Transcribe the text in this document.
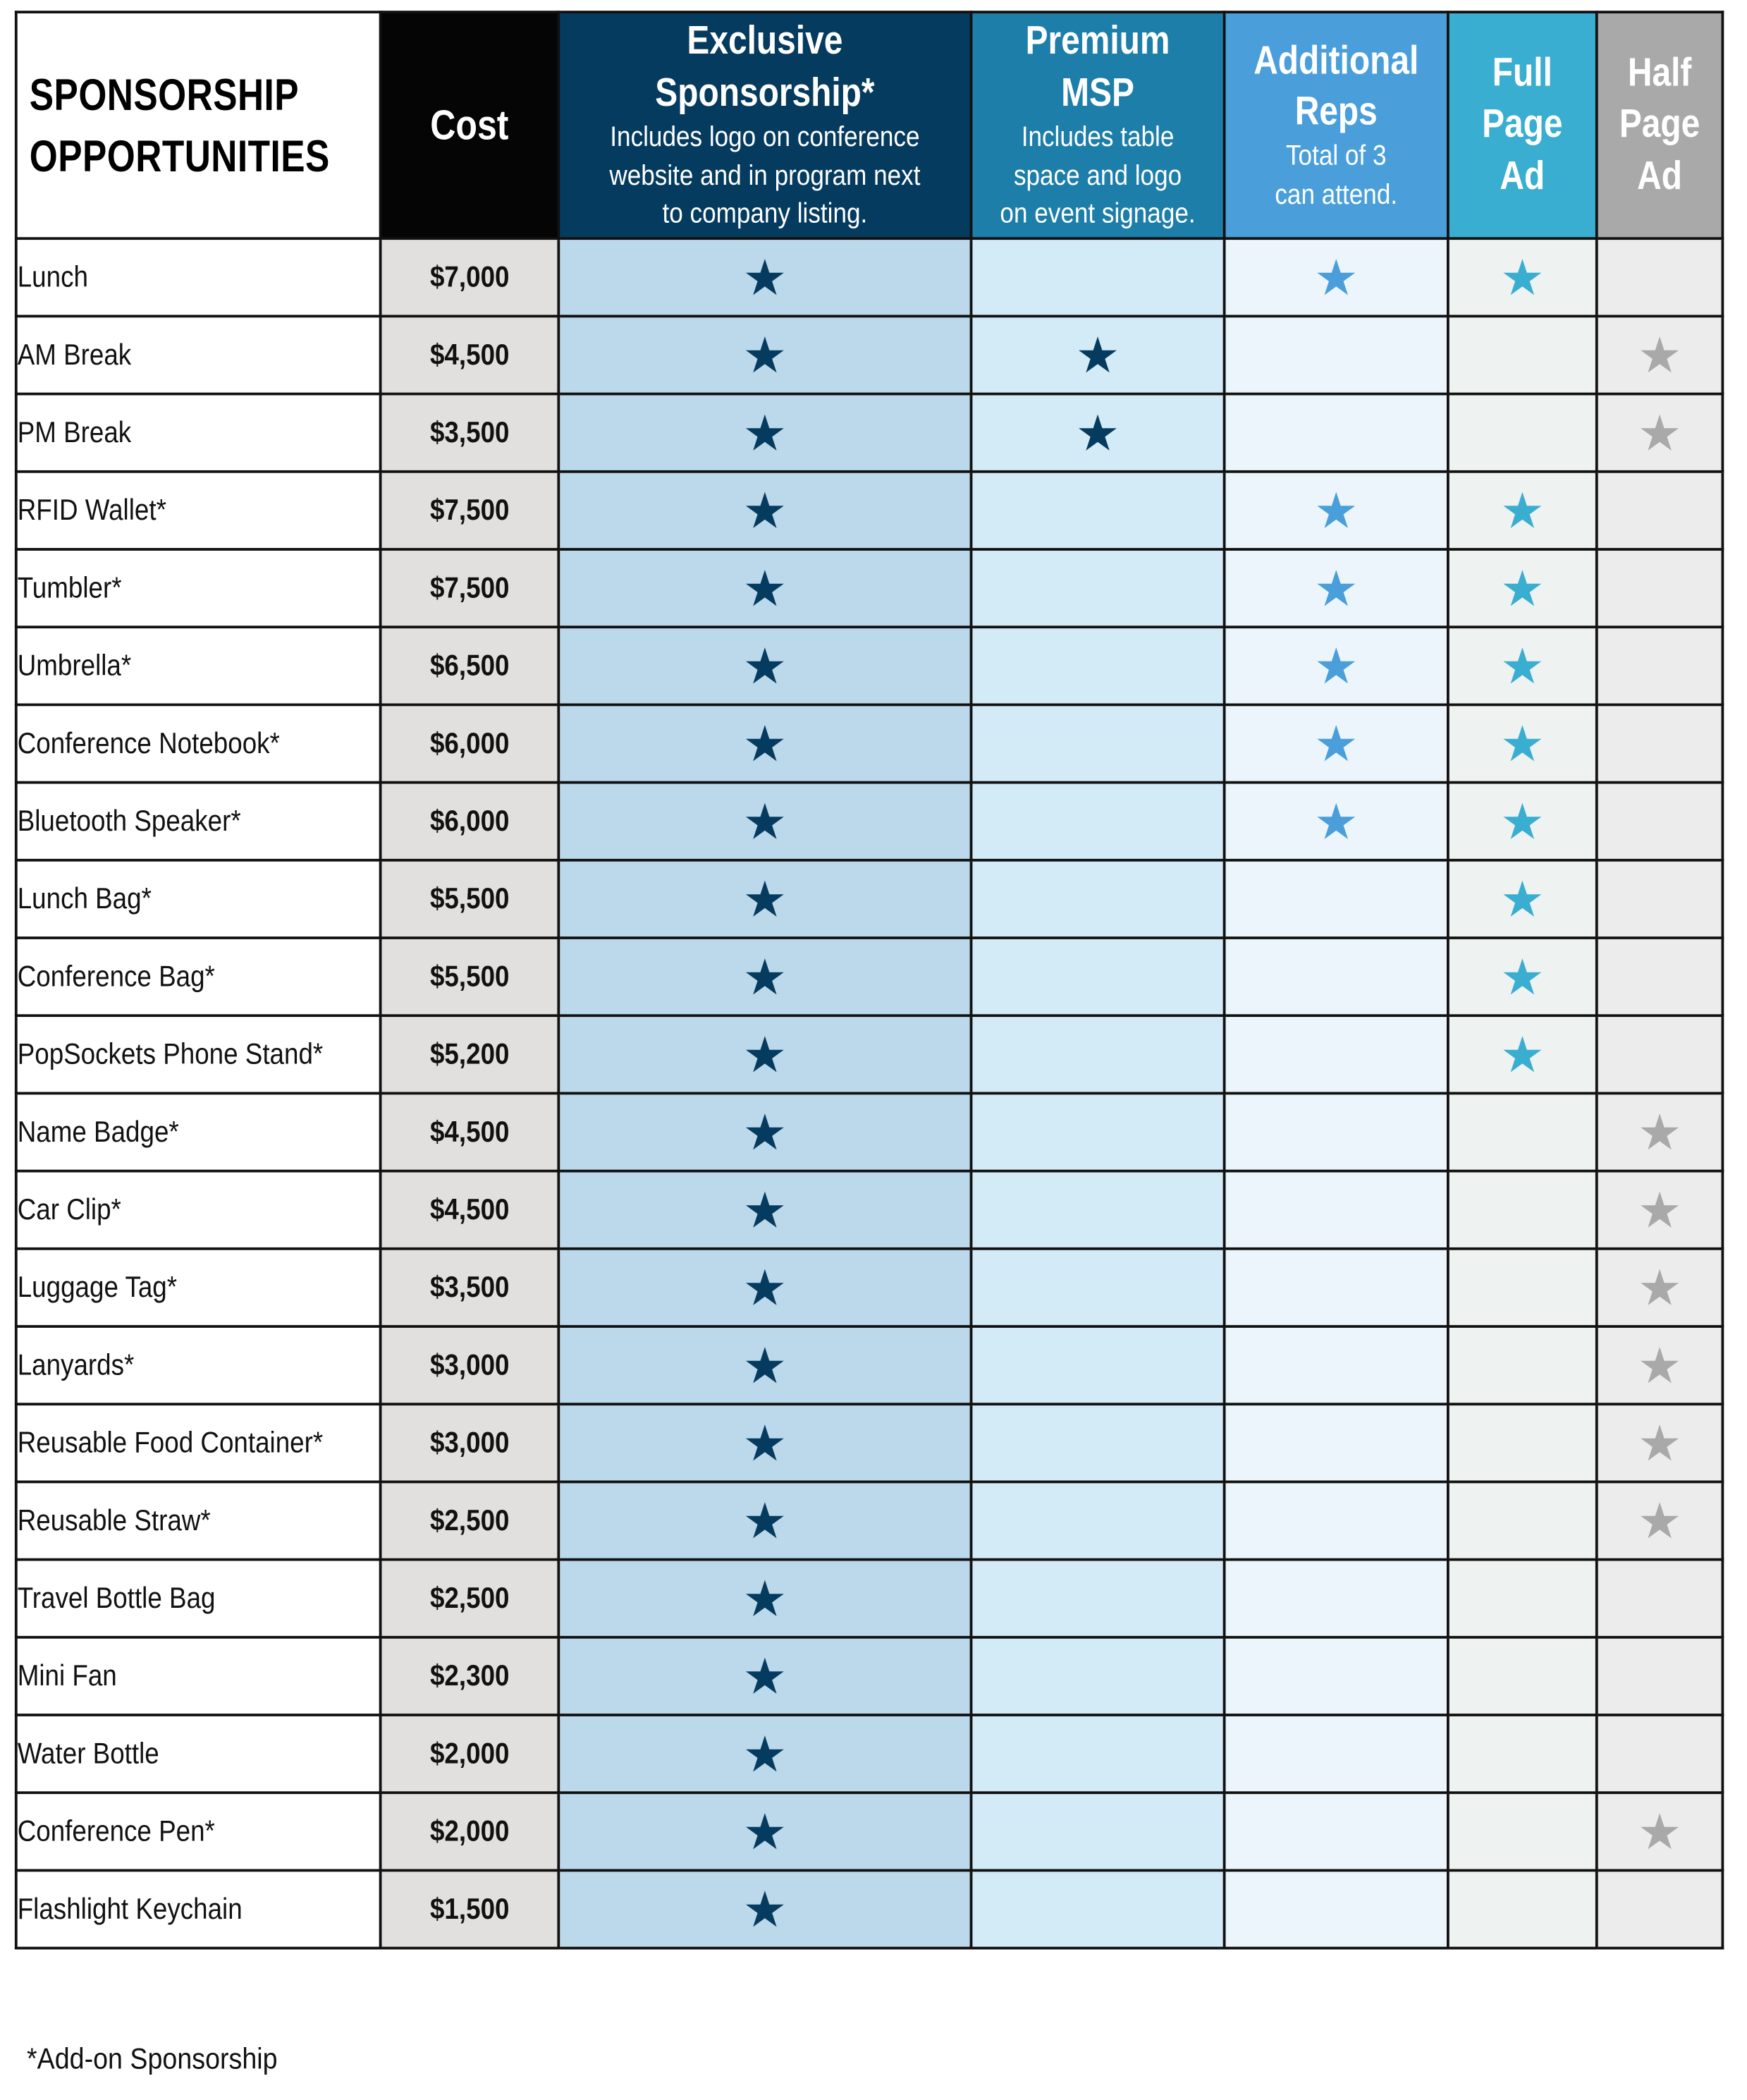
SPONSORSHIP
OPPORTUNITIES	Cost	Exclusive
Sponsorship*
Includes logo on conference
website and in program next
to company listing.	Premium
MSP
Includes table
space and logo
on event signage.	Additional
Reps
Total of 3
can attend.	Full
Page
Ad	Half
Page
Ad

Lunch	$7,000	★		★	★	
AM Break	$4,500	★	★			★
PM Break	$3,500	★	★			★
RFID Wallet*	$7,500	★		★	★	
Tumbler*	$7,500	★		★	★	
Umbrella*	$6,500	★		★	★	
Conference Notebook*	$6,000	★		★	★	
Bluetooth Speaker*	$6,000	★		★	★	
Lunch Bag*	$5,500	★			★	
Conference Bag*	$5,500	★			★	
PopSockets Phone Stand*	$5,200	★			★	
Name Badge*	$4,500	★				★
Car Clip*	$4,500	★				★
Luggage Tag*	$3,500	★				★
Lanyards*	$3,000	★				★
Reusable Food Container*	$3,000	★				★
Reusable Straw*	$2,500	★				★
Travel Bottle Bag	$2,500	★				
Mini Fan	$2,300	★				
Water Bottle	$2,000	★				
Conference Pen*	$2,000	★				★
Flashlight Keychain	$1,500	★				
*Add-on Sponsorship
